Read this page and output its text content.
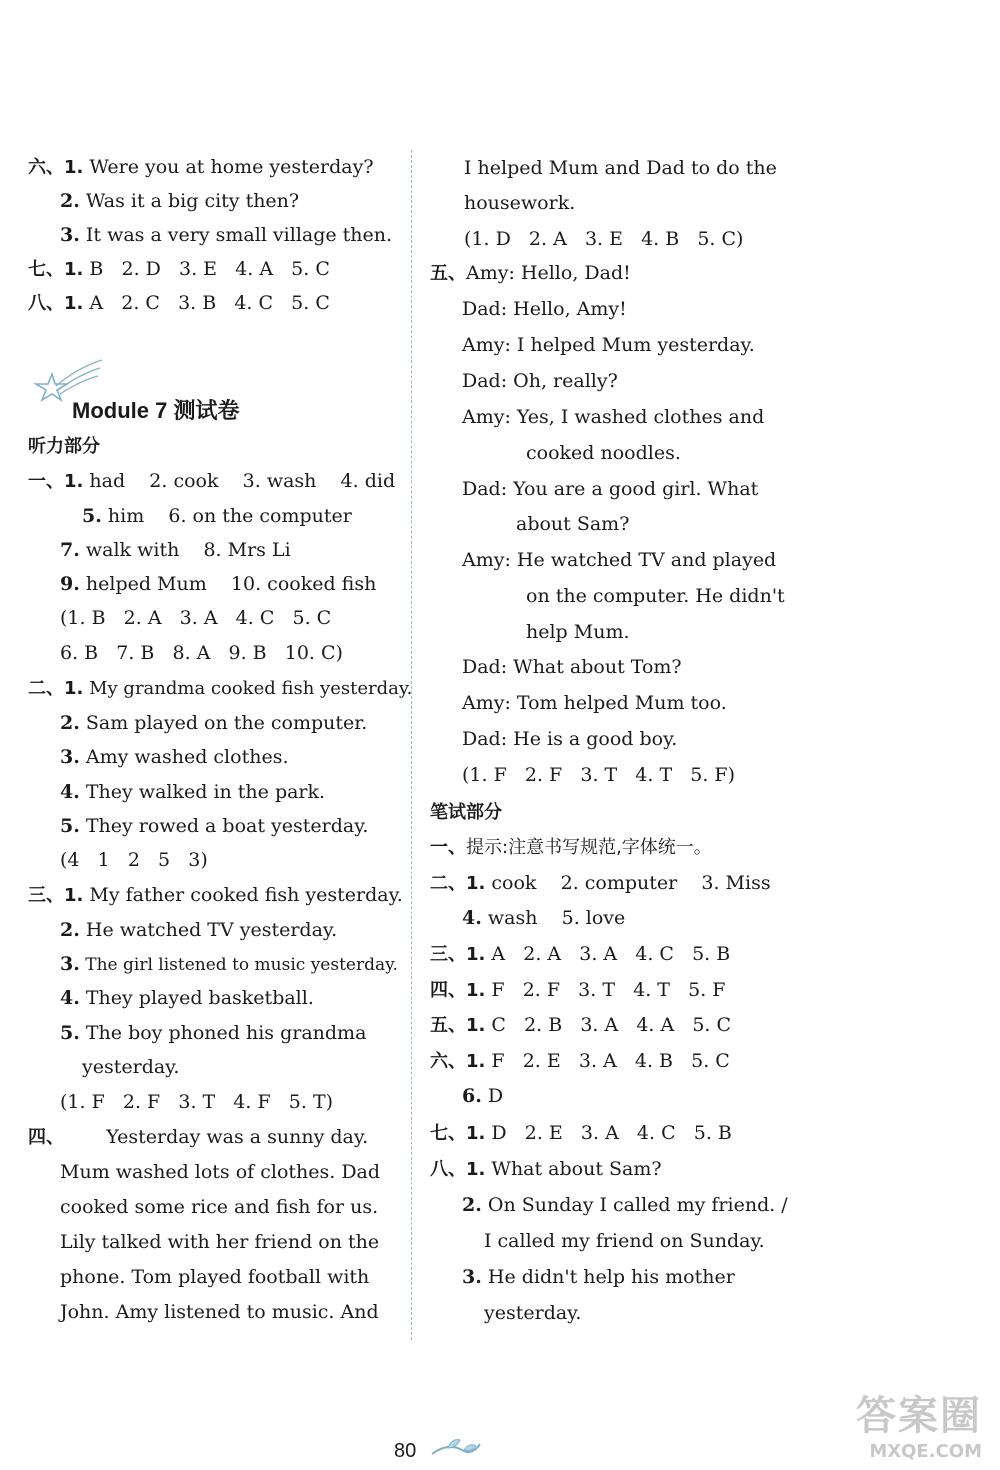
六、1. Were you at home yesterday?
2. Was it a big city then?
3. It was a very small village then.
七、1. B   2. D   3. E   4. A   5. C
八、1. A   2. C   3. B   4. C   5. C
Module 7 测试卷
听力部分
一、1. had    2. cook    3. wash    4. did
5. him    6. on the computer
7. walk with    8. Mrs Li
9. helped Mum    10. cooked fish
(1. B   2. A   3. A   4. C   5. C
6. B   7. B   8. A   9. B   10. C)
二、1. My grandma cooked fish yesterday.
2. Sam played on the computer.
3. Amy washed clothes.
4. They walked in the park.
5. They rowed a boat yesterday.
(4   1   2   5   3)
三、1. My father cooked fish yesterday.
2. He watched TV yesterday.
3. The girl listened to music yesterday.
4. They played basketball.
5. The boy phoned his grandma
yesterday.
(1. F   2. F   3. T   4. F   5. T)
四、       Yesterday was a sunny day.
Mum washed lots of clothes. Dad
cooked some rice and fish for us.
Lily talked with her friend on the
phone. Tom played football with
John. Amy listened to music. And
I helped Mum and Dad to do the
housework.
(1. D   2. A   3. E   4. B   5. C)
五、Amy: Hello, Dad!
Dad: Hello, Amy!
Amy: I helped Mum yesterday.
Dad: Oh, really?
Amy: Yes, I washed clothes and
cooked noodles.
Dad: You are a good girl. What
about Sam?
Amy: He watched TV and played
on the computer. He didn't
help Mum.
Dad: What about Tom?
Amy: Tom helped Mum too.
Dad: He is a good boy.
(1. F   2. F   3. T   4. T   5. F)
笔试部分
一、提示:注意书写规范,字体统一。
二、1. cook    2. computer    3. Miss
4. wash    5. love
三、1. A   2. A   3. A   4. C   5. B
四、1. F   2. F   3. T   4. T   5. F
五、1. C   2. B   3. A   4. A   5. C
六、1. F   2. E   3. A   4. B   5. C
6. D
七、1. D   2. E   3. A   4. C   5. B
八、1. What about Sam?
2. On Sunday I called my friend. /
I called my friend on Sunday.
3. He didn't help his mother
yesterday.
80
答案圈
MXQE.COM
